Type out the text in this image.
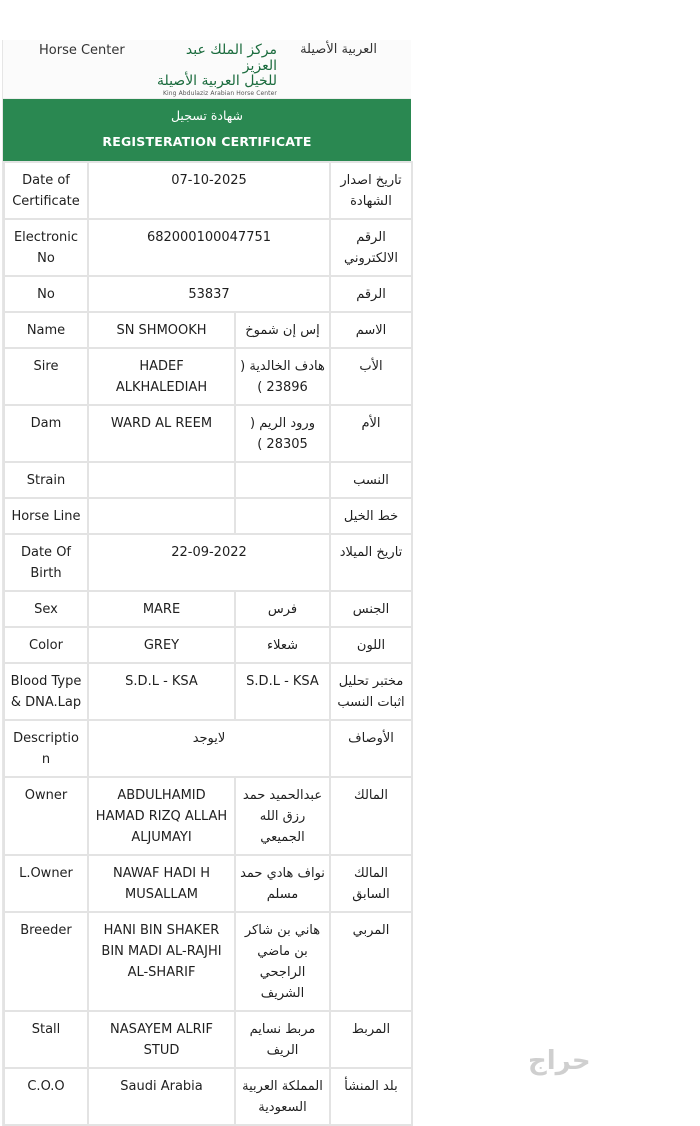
Horse Center	مركز الملك عبد العزيز
للخيل العربية الأصيلة
King Abdulaziz Arabian Horse Center
العربية الأصيلة
شهادة تسجيل
REGISTERATION CERTIFICATE
Date of Certificate	07-10-2025		تاريخ اصدار الشهادة
Electronic No	682000100047751		الرقم الالكتروني
No	53837		الرقم
Name	SN SHMOOKH	إس إن شموخ	الاسم
Sire	HADEF ALKHALEDIAH	هادف الخالدية ( 23896 )	الأب
Dam	WARD AL REEM	ورود الريم ( 28305 )	الأم
Strain			النسب
Horse Line			خط الخيل
Date Of Birth	22-09-2022		تاريخ الميلاد
Sex	MARE	فرس	الجنس
Color	GREY	شعلاء	اللون
Blood Type & DNA.Lap	S.D.L - KSA	S.D.L - KSA	مختبر تحليل اثبات النسب
Description	لايوجد		الأوصاف
Owner	ABDULHAMID HAMAD RIZQ ALLAH ALJUMAYI	عبدالحميد حمد رزق الله الجميعي	المالك
L.Owner	NAWAF HADI H MUSALLAM	نواف هادي حمد مسلم	المالك السابق
Breeder	HANI BIN SHAKER BIN MADI AL-RAJHI AL-SHARIF	هاني بن شاكر بن ماضي الراجحي الشريف	المربي
Stall	NASAYEM ALRIF STUD	مربط نسايم الريف	المربط
C.O.O	Saudi Arabia	المملكة العربية السعودية	بلد المنشأ
حراج
